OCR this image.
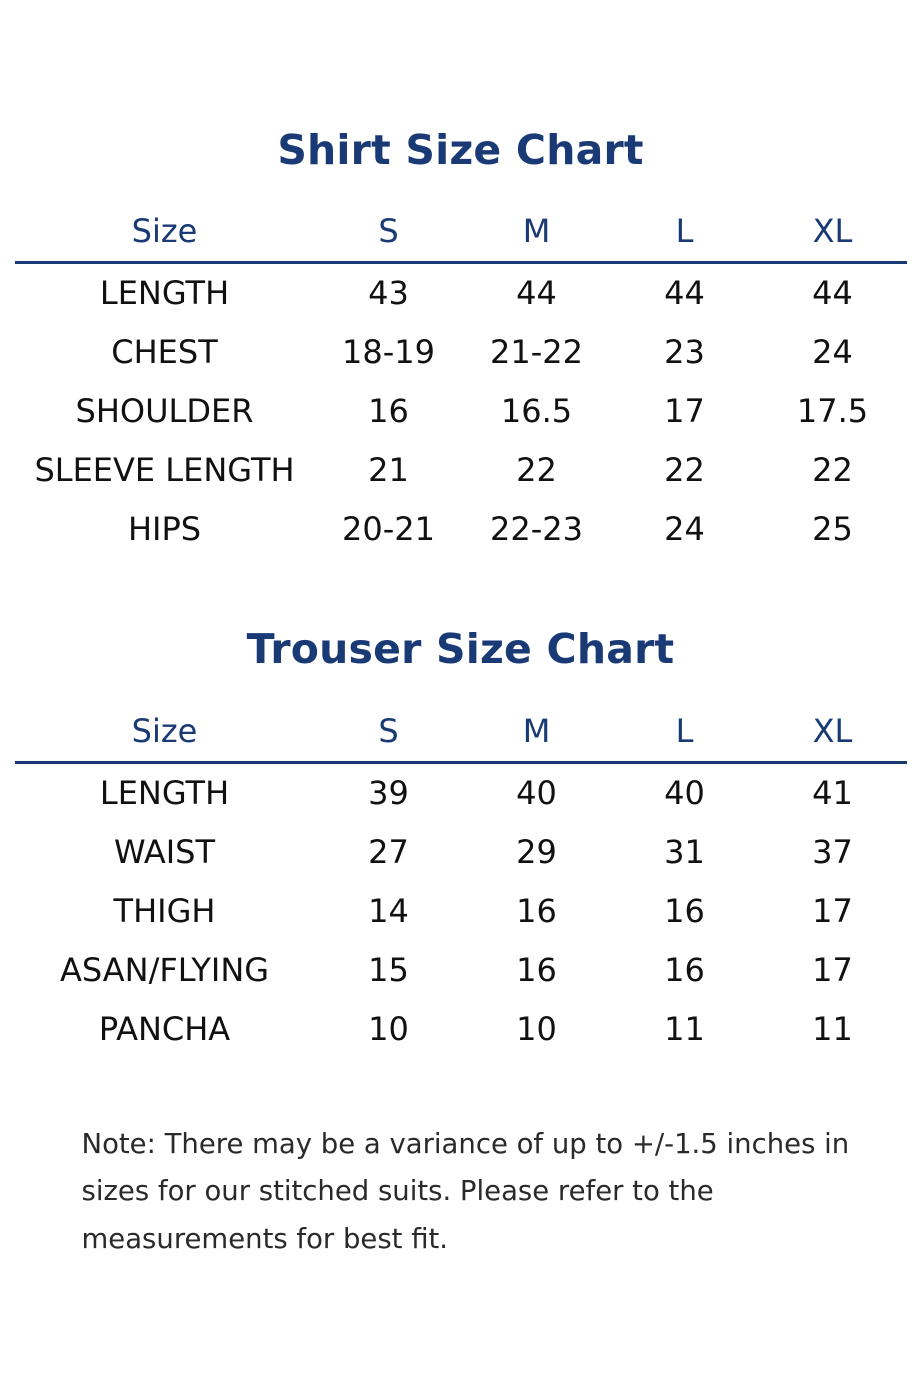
Shirt Size Chart
Size	S	M	L	XL
LENGTH	43	44	44	44
CHEST	18-19	21-22	23	24
SHOULDER	16	16.5	17	17.5
SLEEVE LENGTH	21	22	22	22
HIPS	20-21	22-23	24	25
Trouser Size Chart
Size	S	M	L	XL
LENGTH	39	40	40	41
WAIST	27	29	31	37
THIGH	14	16	16	17
ASAN/FLYING	15	16	16	17
PANCHA	10	10	11	11

Note: There may be a variance of up to +/-1.5 inches in sizes for our stitched suits. Please refer to the measurements for best fit.
